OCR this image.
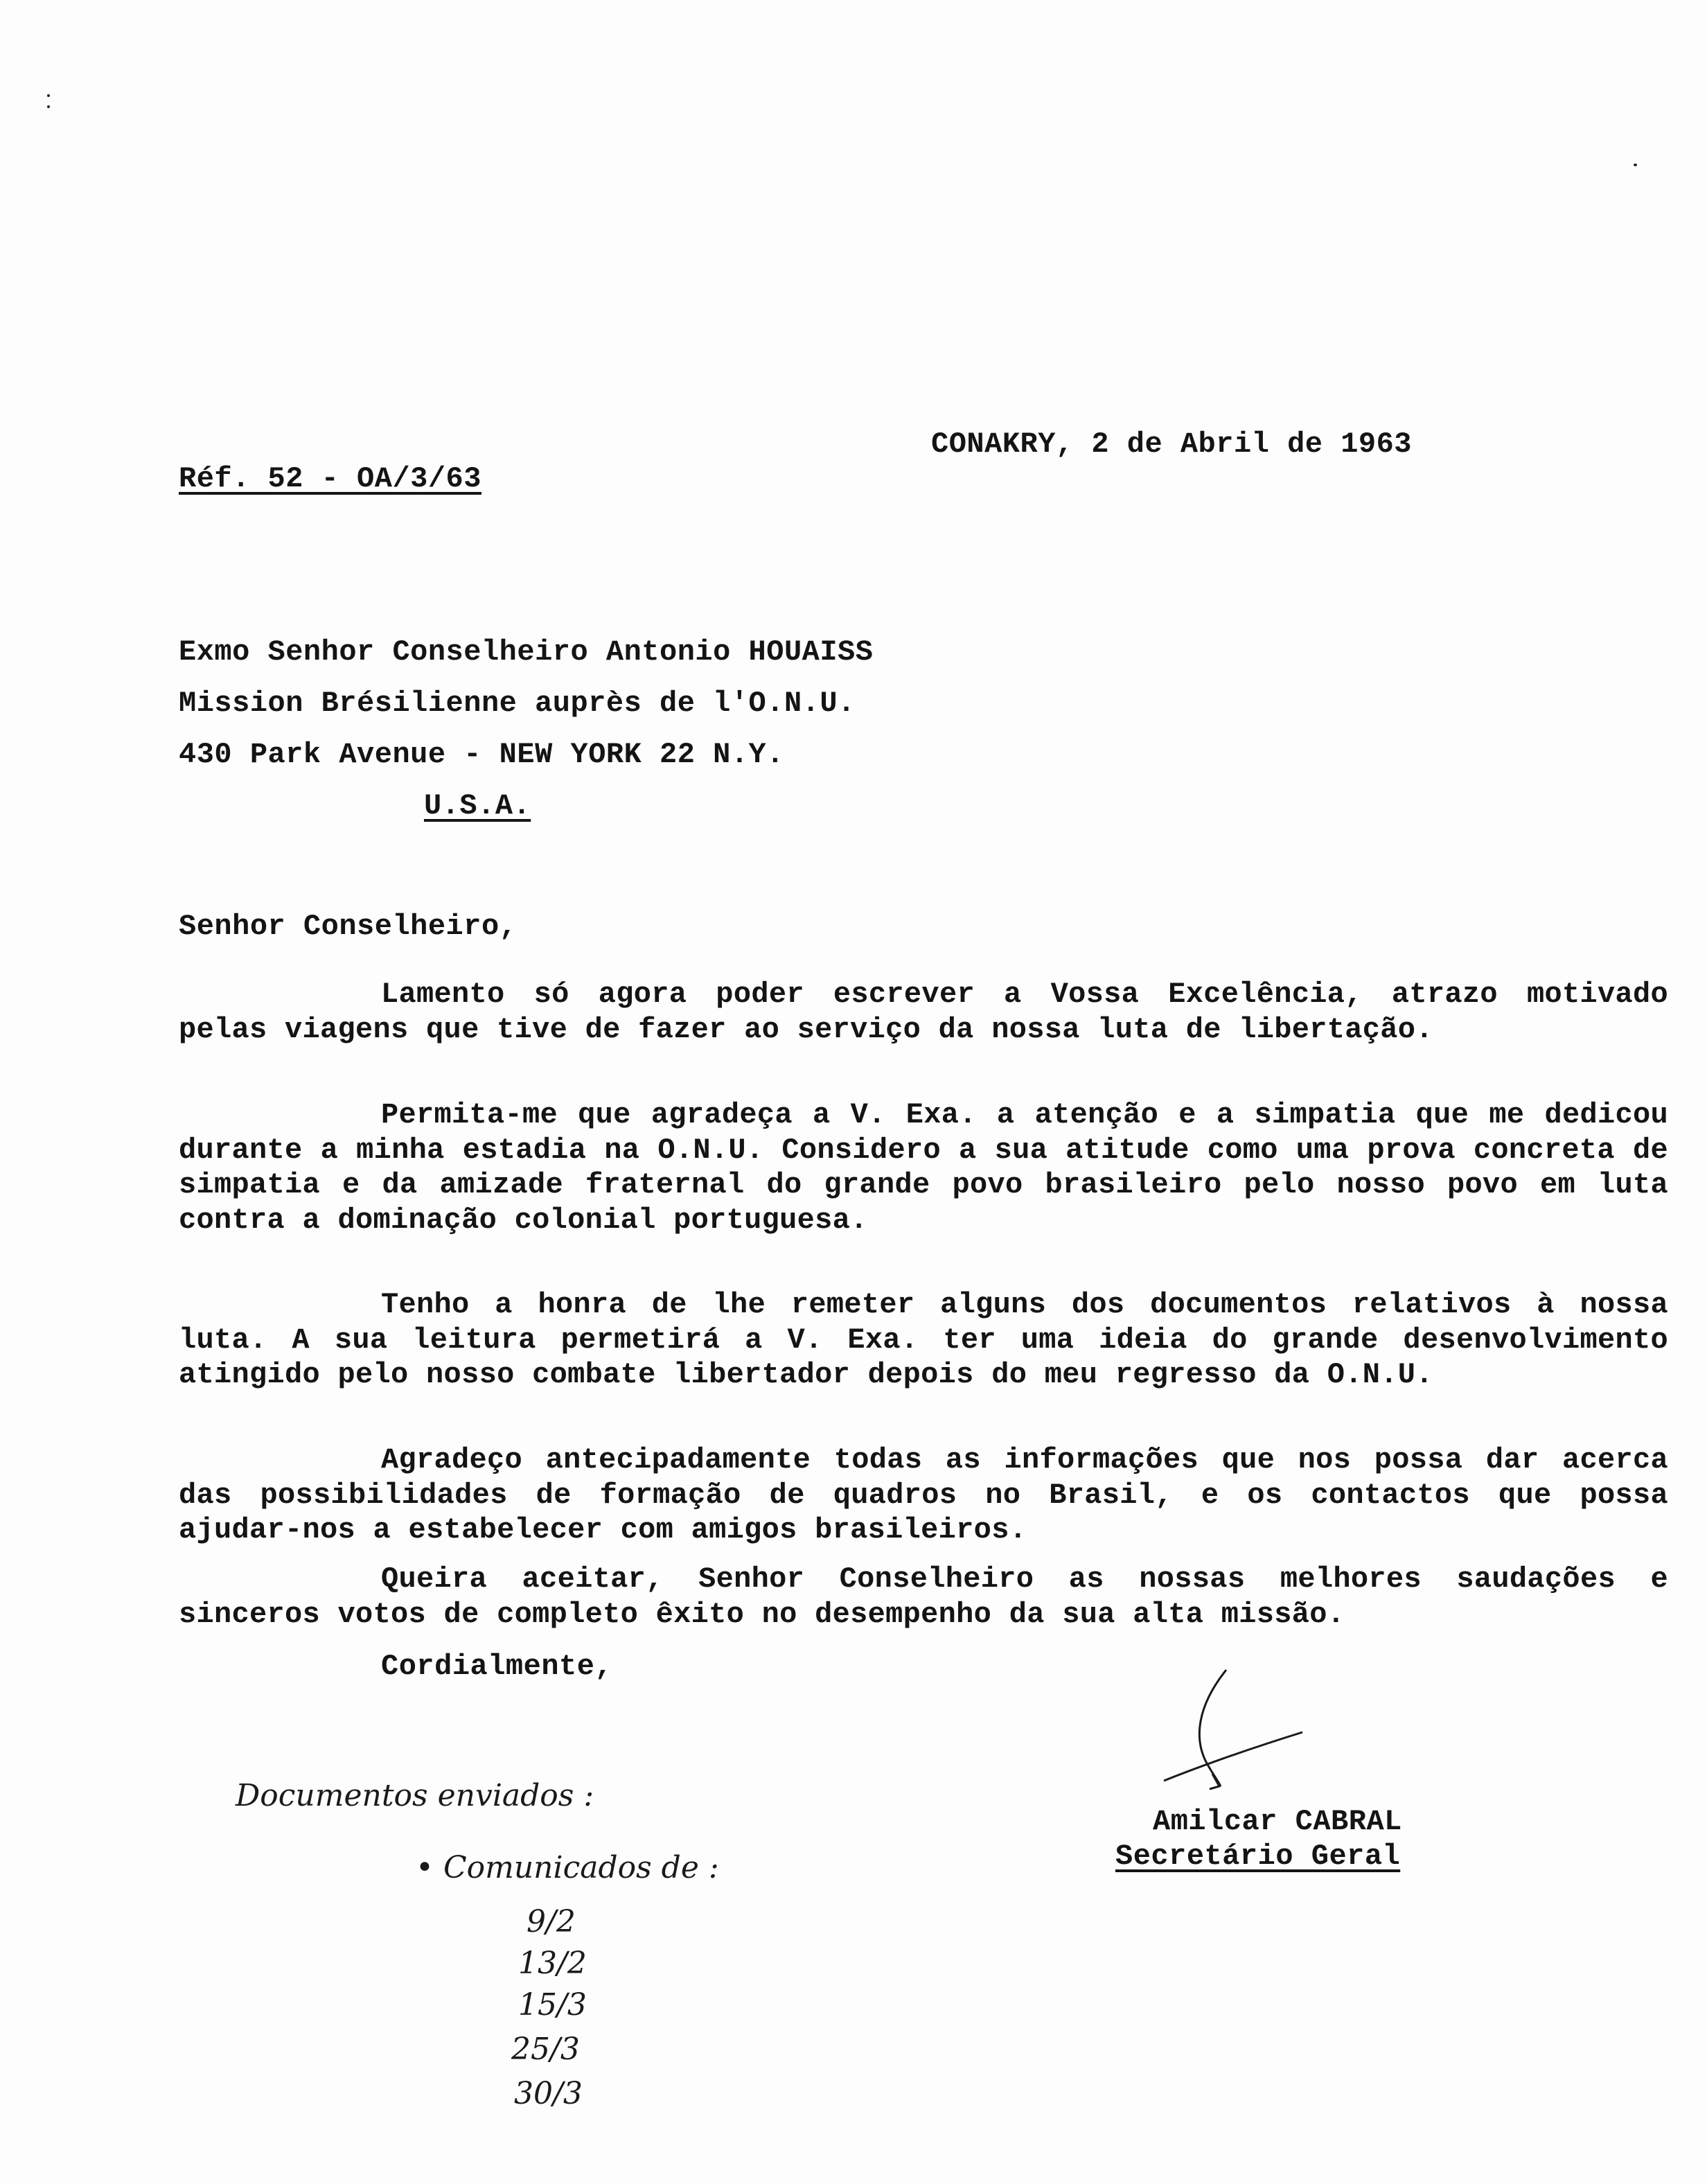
CONAKRY, 2 de Abril de 1963
Réf. 52 - OA/3/63
Exmo Senhor Conselheiro Antonio HOUAISS
Mission Brésilienne auprès de l'O.N.U.
430 Park Avenue - NEW YORK 22 N.Y.
U.S.A.
Senhor Conselheiro,
Lamento só agora poder escrever a Vossa Excelência, atrazo motivado pelas viagens que tive de fazer ao serviço da nossa luta de libertação.
Permita-me que agradeça a V. Exa. a atenção e a simpatia que me dedicou durante a minha estadia na O.N.U. Considero a sua atitude como uma prova concreta de simpatia e da amizade fraternal do grande povo brasileiro pelo nosso povo em luta contra a dominação colonial portuguesa.
Tenho a honra de lhe remeter alguns dos documentos relativos à nossa luta. A sua leitura permetirá a V. Exa. ter uma ideia do grande desenvolvimento atingido pelo nosso combate libertador depois do meu regresso da O.N.U.
Agradeço antecipadamente todas as informações que nos possa dar acerca das possibilidades de formação de quadros no Brasil, e os contactos que possa ajudar-nos a estabelecer com amigos brasileiros.
Queira aceitar, Senhor Conselheiro as nossas melhores saudações e sinceros votos de completo êxito no desempenho da sua alta missão.
Cordialmente,
Amilcar CABRAL
Secretário Geral
Documentos enviados :
• Comunicados de :
9/2
13/2
15/3
25/3
30/3
